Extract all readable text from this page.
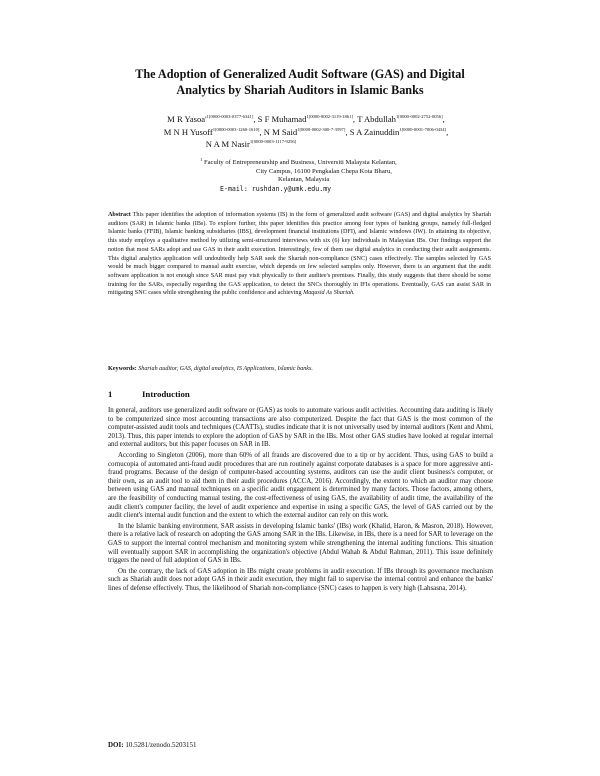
The Adoption of Generalized Audit Software (GAS) and Digital
Analytics by Shariah Auditors in Islamic Banks
M R $Yasoa'^{1[0000-0003-0377-6341]}$, S F Muhamad$^{1[0000-0002-3119-1861]}$, T Abdullah$^{1[0000-0002-2752-0056]}$,
M N H Yusoff$^{1[0000-0003-1260-1610]}$, N M Said$^{1[0000-0002-300-7-3597]}$, S A Zainuddin$^{1[0000-0001-7006-0434]}$,
N A M Nasir$^{1[0000-0003-1117-9256]}$
$^1$ Faculty of Entrepreneurship and Business, Universiti Malaysia Kelantan,
City Campus, 16100 Pengkalan Chepa Kota Bharu,
Kelantan, Malaysia
E-mail: rushdan.y@umk.edu.my
Abstract This paper identifies the adoption of information systems (IS) in the form of generalized audit software (GAS) and digital analytics by Shariah auditors (SAR) in Islamic banks (IBs). To explore further, this paper identifies this practice among four types of banking groups, namely full-fledged Islamic banks (FFIB), Islamic banking subsidiaries (IBS), development financial institutions (DFI), and Islamic windows (IW). In attaining its objective, this study employs a qualitative method by utilizing semi-structured interviews with six (6) key individuals in Malaysian IBs. Our findings support the notion that most SARs adopt and use GAS in their audit execution. Interestingly, few of them use digital analytics in conducting their audit assignments. This digital analytics application will undoubtedly help SAR seek the Shariah non-compliance (SNC) cases effectively. The samples selected by GAS would be much bigger compared to manual audit exercise, which depends on few selected samples only. However, there is an argument that the audit software application is not enough since SAR must pay visit physically to their auditee's premises. Finally, this study suggests that there should be some training for the SARs, especially regarding the GAS application, to detect the SNCs thoroughly in IFIs operations. Eventually, GAS can assist SAR in mitigating SNC cases while strengthening the public confidence and achieving Maqasid As Shariah.
Keywords: Shariah auditor, GAS, digital analytics, IS Applications, Islamic banks.
1	Introduction

In general, auditors use generalized audit software or (GAS) as tools to automate various audit activities. Accounting data auditing is likely to be computerized since most accounting transactions are also computerized. Despite the fact that GAS is the most common of the computer-assisted audit tools and techniques (CAATTs), studies indicate that it is not universally used by internal auditors (Kent and Ahmi, 2013). Thus, this paper intends to explore the adoption of GAS by SAR in the IBs. Most other GAS studies have looked at regular internal and external auditors, but this paper focuses on SAR in IB.

According to Singleton (2006), more than 60% of all frauds are discovered due to a tip or by accident. Thus, using GAS to build a cornucopia of automated anti-fraud audit procedures that are run routinely against corporate databases is a space for more aggressive anti-fraud programs. Because of the design of computer-based accounting systems, auditors can use the audit client business's computer, or their own, as an audit tool to aid them in their audit procedures (ACCA, 2016). Accordingly, the extent to which an auditor may choose between using GAS and manual techniques on a specific audit engagement is determined by many factors. Those factors, among others, are the feasibility of conducting manual testing, the cost-effectiveness of using GAS, the availability of audit time, the availability of the audit client's computer facility, the level of audit experience and expertise in using a specific GAS, the level of GAS carried out by the audit client's internal audit function and the extent to which the external auditor can rely on this work.

In the Islamic banking environment, SAR assists in developing Islamic banks' (IBs) work (Khalid, Haron, & Masron, 2018). However, there is a relative lack of research on adopting the GAS among SAR in the IBs. Likewise, in IBs, there is a need for SAR to leverage on the GAS to support the internal control mechanism and monitoring system while strengthening the internal auditing functions. This situation will eventually support SAR in accomplishing the organization's objective (Abdul Wahab & Abdul Rahman, 2011). This issue definitely triggers the need of full adoption of GAS in IBs.

On the contrary, the lack of GAS adoption in IBs might create problems in audit execution. If IBs through its governance mechanism such as Shariah audit does not adopt GAS in their audit execution, they might fail to supervise the internal control and enhance the banks' lines of defense effectively. Thus, the likelihood of Shariah non-compliance (SNC) cases to happen is very high (Lahsasna, 2014).

DOI: 10.5281/zenodo.5203151
